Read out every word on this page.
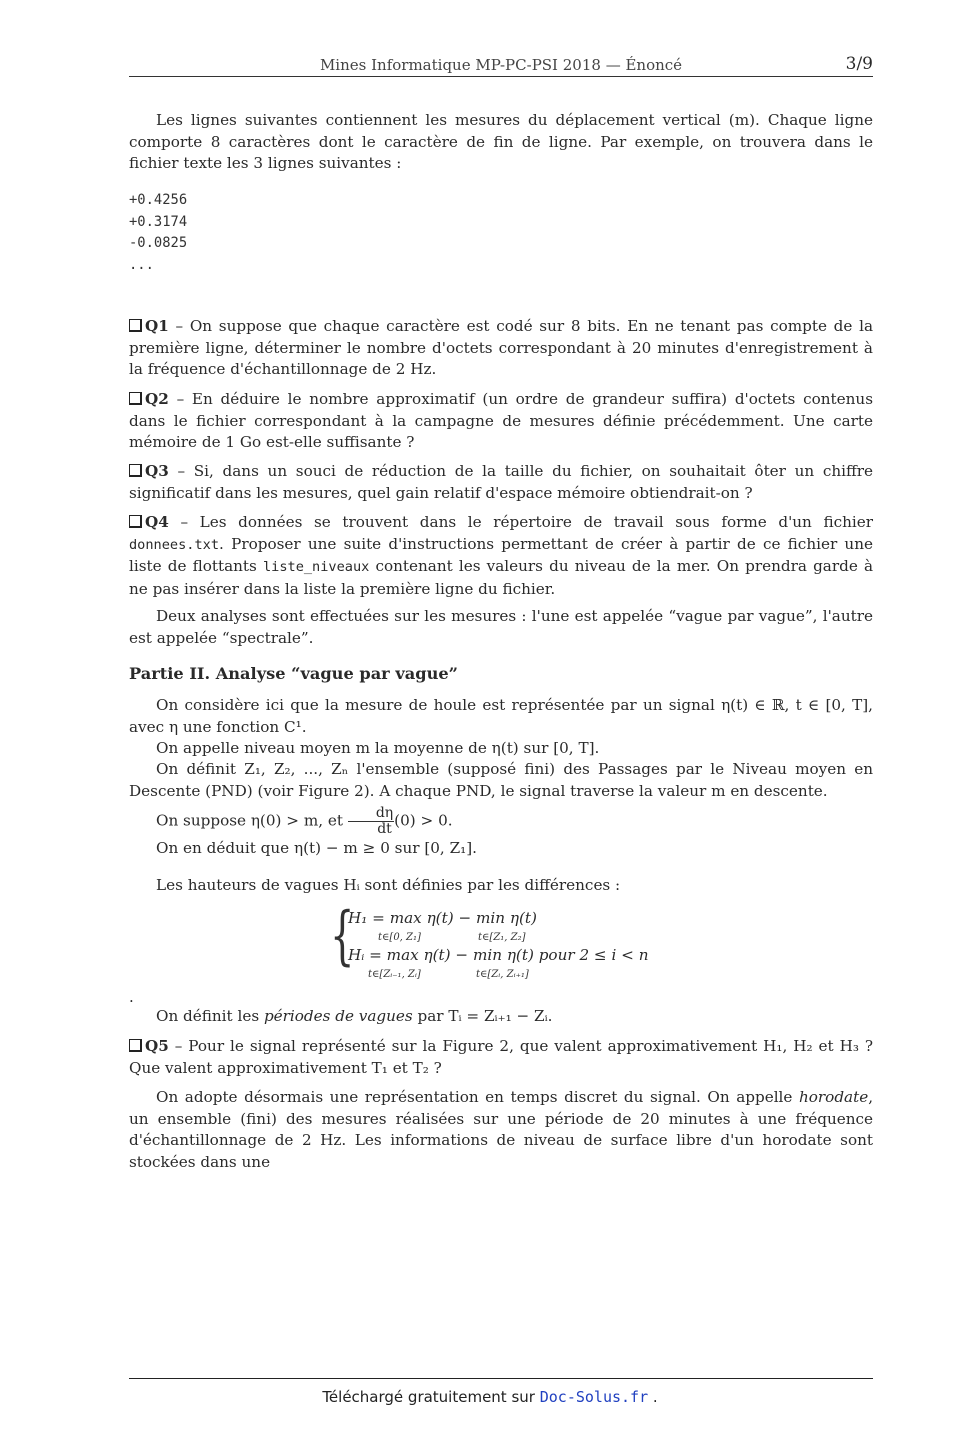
Mines Informatique MP-PC-PSI 2018 — Énoncé	3/9

Les lignes suivantes contiennent les mesures du déplacement vertical (m). Chaque ligne comporte 8 caractères dont le caractère de fin de ligne. Par exemple, on trouvera dans le fichier texte les 3 lignes suivantes :

+0.4256
+0.3174
-0.0825
...

Q1 – On suppose que chaque caractère est codé sur 8 bits. En ne tenant pas compte de la première ligne, déterminer le nombre d'octets correspondant à 20 minutes d'enregistrement à la fréquence d'échantillonnage de 2 Hz.

Q2 – En déduire le nombre approximatif (un ordre de grandeur suffira) d'octets contenus dans le fichier correspondant à la campagne de mesures définie précédemment. Une carte mémoire de 1 Go est-elle suffisante ?

Q3 – Si, dans un souci de réduction de la taille du fichier, on souhaitait ôter un chiffre significatif dans les mesures, quel gain relatif d'espace mémoire obtiendrait-on ?

Q4 – Les données se trouvent dans le répertoire de travail sous forme d'un fichier donnees.txt. Proposer une suite d'instructions permettant de créer à partir de ce fichier une liste de flottants liste_niveaux contenant les valeurs du niveau de la mer. On prendra garde à ne pas insérer dans la liste la première ligne du fichier.

Deux analyses sont effectuées sur les mesures : l'une est appelée “vague par vague”, l'autre est appelée “spectrale”.

Partie II. Analyse “vague par vague”

On considère ici que la mesure de houle est représentée par un signal η(t) ∈ ℝ, t ∈ [0, T], avec η une fonction C¹.

On appelle niveau moyen m la moyenne de η(t) sur [0, T].

On définit Z₁, Z₂, ..., Zₙ l'ensemble (supposé fini) des Passages par le Niveau moyen en Descente (PND) (voir Figure 2). A chaque PND, le signal traverse la valeur m en descente.

On suppose η(0) > m, et $\frac{d\eta}{dt} (0) > 0$.

On en déduit que η(t) − m ≥ 0 sur [0, Z₁].

Les hauteurs de vagues Hᵢ sont définies par les différences :

{
H₁ = max η(t) − min η(t)
t∈[0, Z₁]	t∈[Z₁, Z₂]
Hᵢ = max η(t) − min η(t) pour 2 ≤ i < n
t∈[Zᵢ₋₁, Zᵢ]	t∈[Zᵢ, Zᵢ₊₁]
.

On définit les périodes de vagues par Tᵢ = Zᵢ₊₁ − Zᵢ.

Q5 – Pour le signal représenté sur la Figure 2, que valent approximativement H₁, H₂ et H₃ ? Que valent approximativement T₁ et T₂ ?

On adopte désormais une représentation en temps discret du signal. On appelle horodate, un ensemble (fini) des mesures réalisées sur une période de 20 minutes à une fréquence d'échantillonnage de 2 Hz. Les informations de niveau de surface libre d'un horodate sont stockées dans une

Téléchargé gratuitement sur Doc-Solus.fr .
